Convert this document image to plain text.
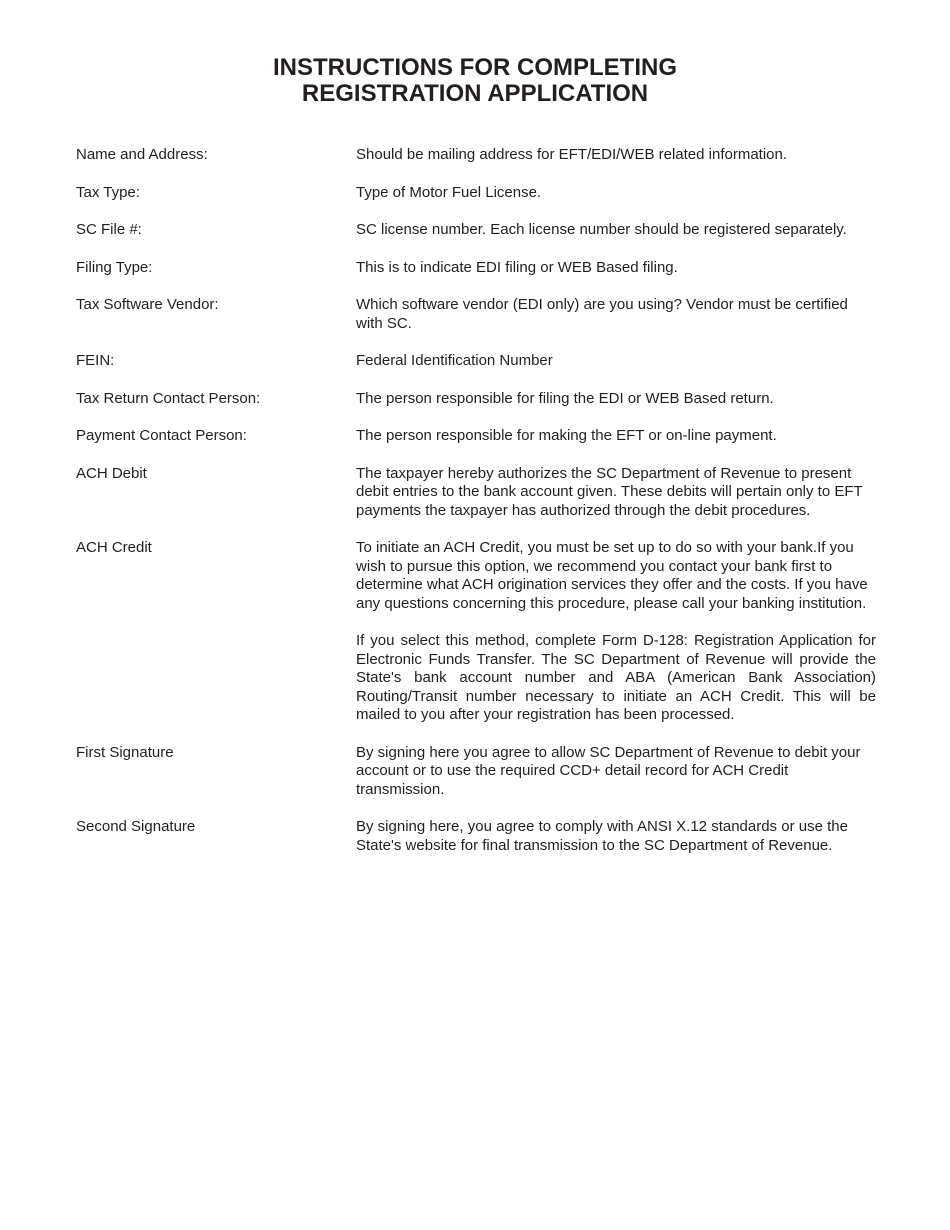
INSTRUCTIONS FOR COMPLETING
REGISTRATION APPLICATION
Name and Address:	Should be mailing address for EFT/EDI/WEB related information.
Tax Type:	Type of Motor Fuel License.
SC File #:	SC license number. Each license number should be registered separately.
Filing Type:	This is to indicate EDI filing or WEB Based filing.
Tax Software Vendor:	Which software vendor (EDI only) are you using? Vendor must be certified with SC.
FEIN:	Federal Identification Number
Tax Return Contact Person:	The person responsible for filing the EDI or WEB Based return.
Payment Contact Person:	The person responsible for making the EFT or on-line payment.
ACH Debit	The taxpayer hereby authorizes the SC Department of Revenue to present debit entries to the bank account given. These debits will pertain only to EFT payments the taxpayer has authorized through the debit procedures.
ACH Credit	To initiate an ACH Credit, you must be set up to do so with your bank.If you wish to pursue this option, we recommend you contact your bank first to determine what ACH origination services they offer and the costs. If you have any questions concerning this procedure, please call your banking institution.
If you select this method, complete Form D-128: Registration Application for Electronic Funds Transfer. The SC Department of Revenue will provide the State's bank account number and ABA (American Bank Association) Routing/Transit number necessary to initiate an ACH Credit. This will be mailed to you after your registration has been processed.
First Signature	By signing here you agree to allow SC Department of Revenue to debit your account or to use the required CCD+ detail record for ACH Credit transmission.
Second Signature	By signing here, you agree to comply with ANSI X.12 standards or use the State's website for final transmission to the SC Department of Revenue.
